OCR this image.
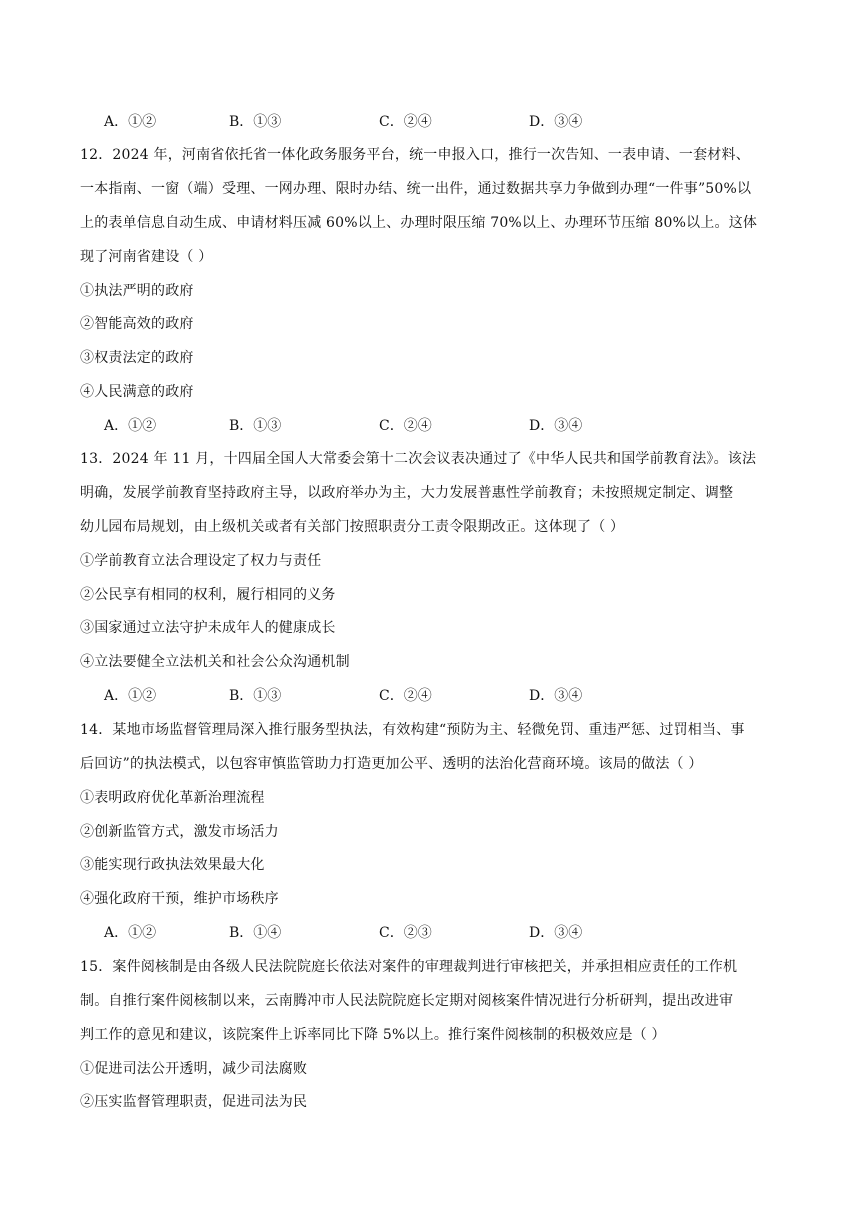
A．①②	B．①③	C．②④	D．③④
12．2024 年，河南省依托省一体化政务服务平台，统一申报入口，推行一次告知、一表申请、一套材料、
一本指南、一窗（端）受理、一网办理、限时办结、统一出件，通过数据共享力争做到办理“一件事”50%以
上的表单信息自动生成、申请材料压减 60%以上、办理时限压缩 70%以上、办理环节压缩 80%以上。这体
现了河南省建设（ ）
①执法严明的政府
②智能高效的政府
③权责法定的政府
④人民满意的政府
A．①②	B．①③	C．②④	D．③④
13．2024 年 11 月，十四届全国人大常委会第十二次会议表决通过了《中华人民共和国学前教育法》。该法
明确，发展学前教育坚持政府主导，以政府举办为主，大力发展普惠性学前教育；未按照规定制定、调整
幼儿园布局规划，由上级机关或者有关部门按照职责分工责令限期改正。这体现了（ ）
①学前教育立法合理设定了权力与责任
②公民享有相同的权利，履行相同的义务
③国家通过立法守护未成年人的健康成长
④立法要健全立法机关和社会公众沟通机制
A．①②	B．①③	C．②④	D．③④
14．某地市场监督管理局深入推行服务型执法，有效构建“预防为主、轻微免罚、重违严惩、过罚相当、事
后回访”的执法模式，以包容审慎监管助力打造更加公平、透明的法治化营商环境。该局的做法（ ）
①表明政府优化革新治理流程
②创新监管方式，激发市场活力
③能实现行政执法效果最大化
④强化政府干预，维护市场秩序
A．①②	B．①④	C．②③	D．③④
15．案件阅核制是由各级人民法院院庭长依法对案件的审理裁判进行审核把关，并承担相应责任的工作机
制。自推行案件阅核制以来，云南腾冲市人民法院院庭长定期对阅核案件情况进行分析研判，提出改进审
判工作的意见和建议，该院案件上诉率同比下降 5%以上。推行案件阅核制的积极效应是（ ）
①促进司法公开透明，减少司法腐败
②压实监督管理职责，促进司法为民
